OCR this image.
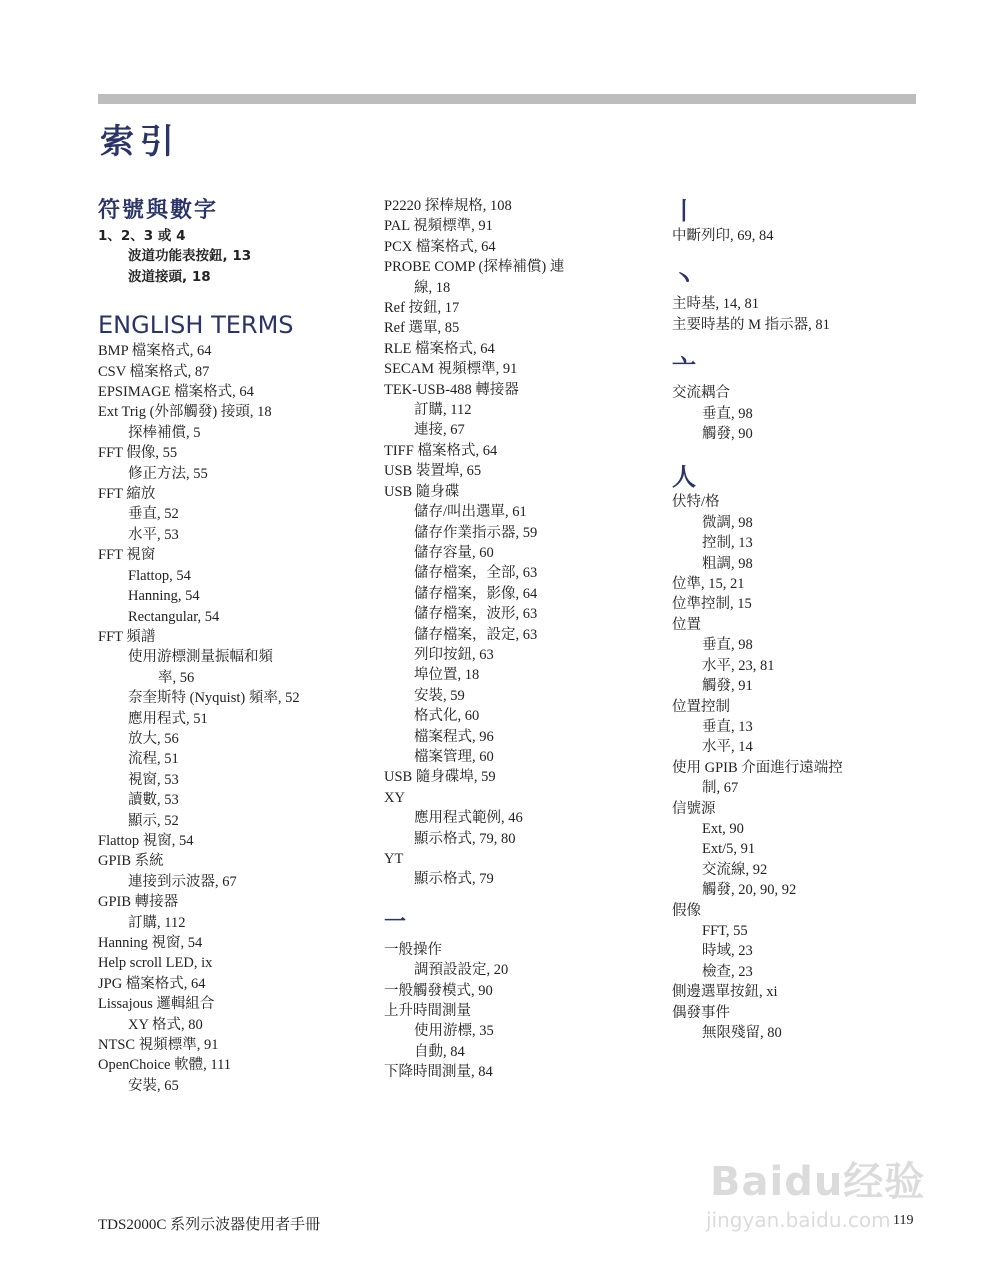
索引
符號與數字
1、2、3 或 4
波道功能表按鈕, 13
波道接頭, 18
ENGLISH TERMS
BMP 檔案格式, 64
CSV 檔案格式, 87
EPSIMAGE 檔案格式, 64
Ext Trig (外部觸發) 接頭, 18
探棒補償, 5
FFT 假像, 55
修正方法, 55
FFT 縮放
垂直, 52
水平, 53
FFT 視窗
Flattop, 54
Hanning, 54
Rectangular, 54
FFT 頻譜
使用游標測量振幅和頻
率, 56
奈奎斯特 (Nyquist) 頻率, 52
應用程式, 51
放大, 56
流程, 51
視窗, 53
讀數, 53
顯示, 52
Flattop 視窗, 54
GPIB 系統
連接到示波器, 67
GPIB 轉接器
訂購, 112
Hanning 視窗, 54
Help scroll LED, ix
JPG 檔案格式, 64
Lissajous 邏輯組合
XY 格式, 80
NTSC 視頻標準, 91
OpenChoice 軟體, 111
安裝, 65
P2220 探棒規格, 108
PAL 視頻標準, 91
PCX 檔案格式, 64
PROBE COMP (探棒補償) 連
線, 18
Ref 按鈕, 17
Ref 選單, 85
RLE 檔案格式, 64
SECAM 視頻標準, 91
TEK-USB-488 轉接器
訂購, 112
連接, 67
TIFF 檔案格式, 64
USB 裝置埠, 65
USB 隨身碟
儲存/叫出選單, 61
儲存作業指示器, 59
儲存容量, 60
儲存檔案，全部, 63
儲存檔案，影像, 64
儲存檔案，波形, 63
儲存檔案，設定, 63
列印按鈕, 63
埠位置, 18
安裝, 59
格式化, 60
檔案程式, 96
檔案管理, 60
USB 隨身碟埠, 59
XY
應用程式範例, 46
顯示格式, 79, 80
YT
顯示格式, 79
一
一般操作
調預設設定, 20
一般觸發模式, 90
上升時間測量
使用游標, 35
自動, 84
下降時間測量, 84
丨
中斷列印, 69, 84
丶
主時基, 14, 81
主要時基的 M 指示器, 81
亠
交流耦合
垂直, 98
觸發, 90
人
伏特/格
微調, 98
控制, 13
粗調, 98
位準, 15, 21
位準控制, 15
位置
垂直, 98
水平, 23, 81
觸發, 91
位置控制
垂直, 13
水平, 14
使用 GPIB 介面進行遠端控
制, 67
信號源
Ext, 90
Ext/5, 91
交流線, 92
觸發, 20, 90, 92
假像
FFT, 55
時域, 23
檢查, 23
側邊選單按鈕, xi
偶發事件
無限殘留, 80
TDS2000C 系列示波器使用者手冊	119
Baidu经验
jingyan.baidu.com
